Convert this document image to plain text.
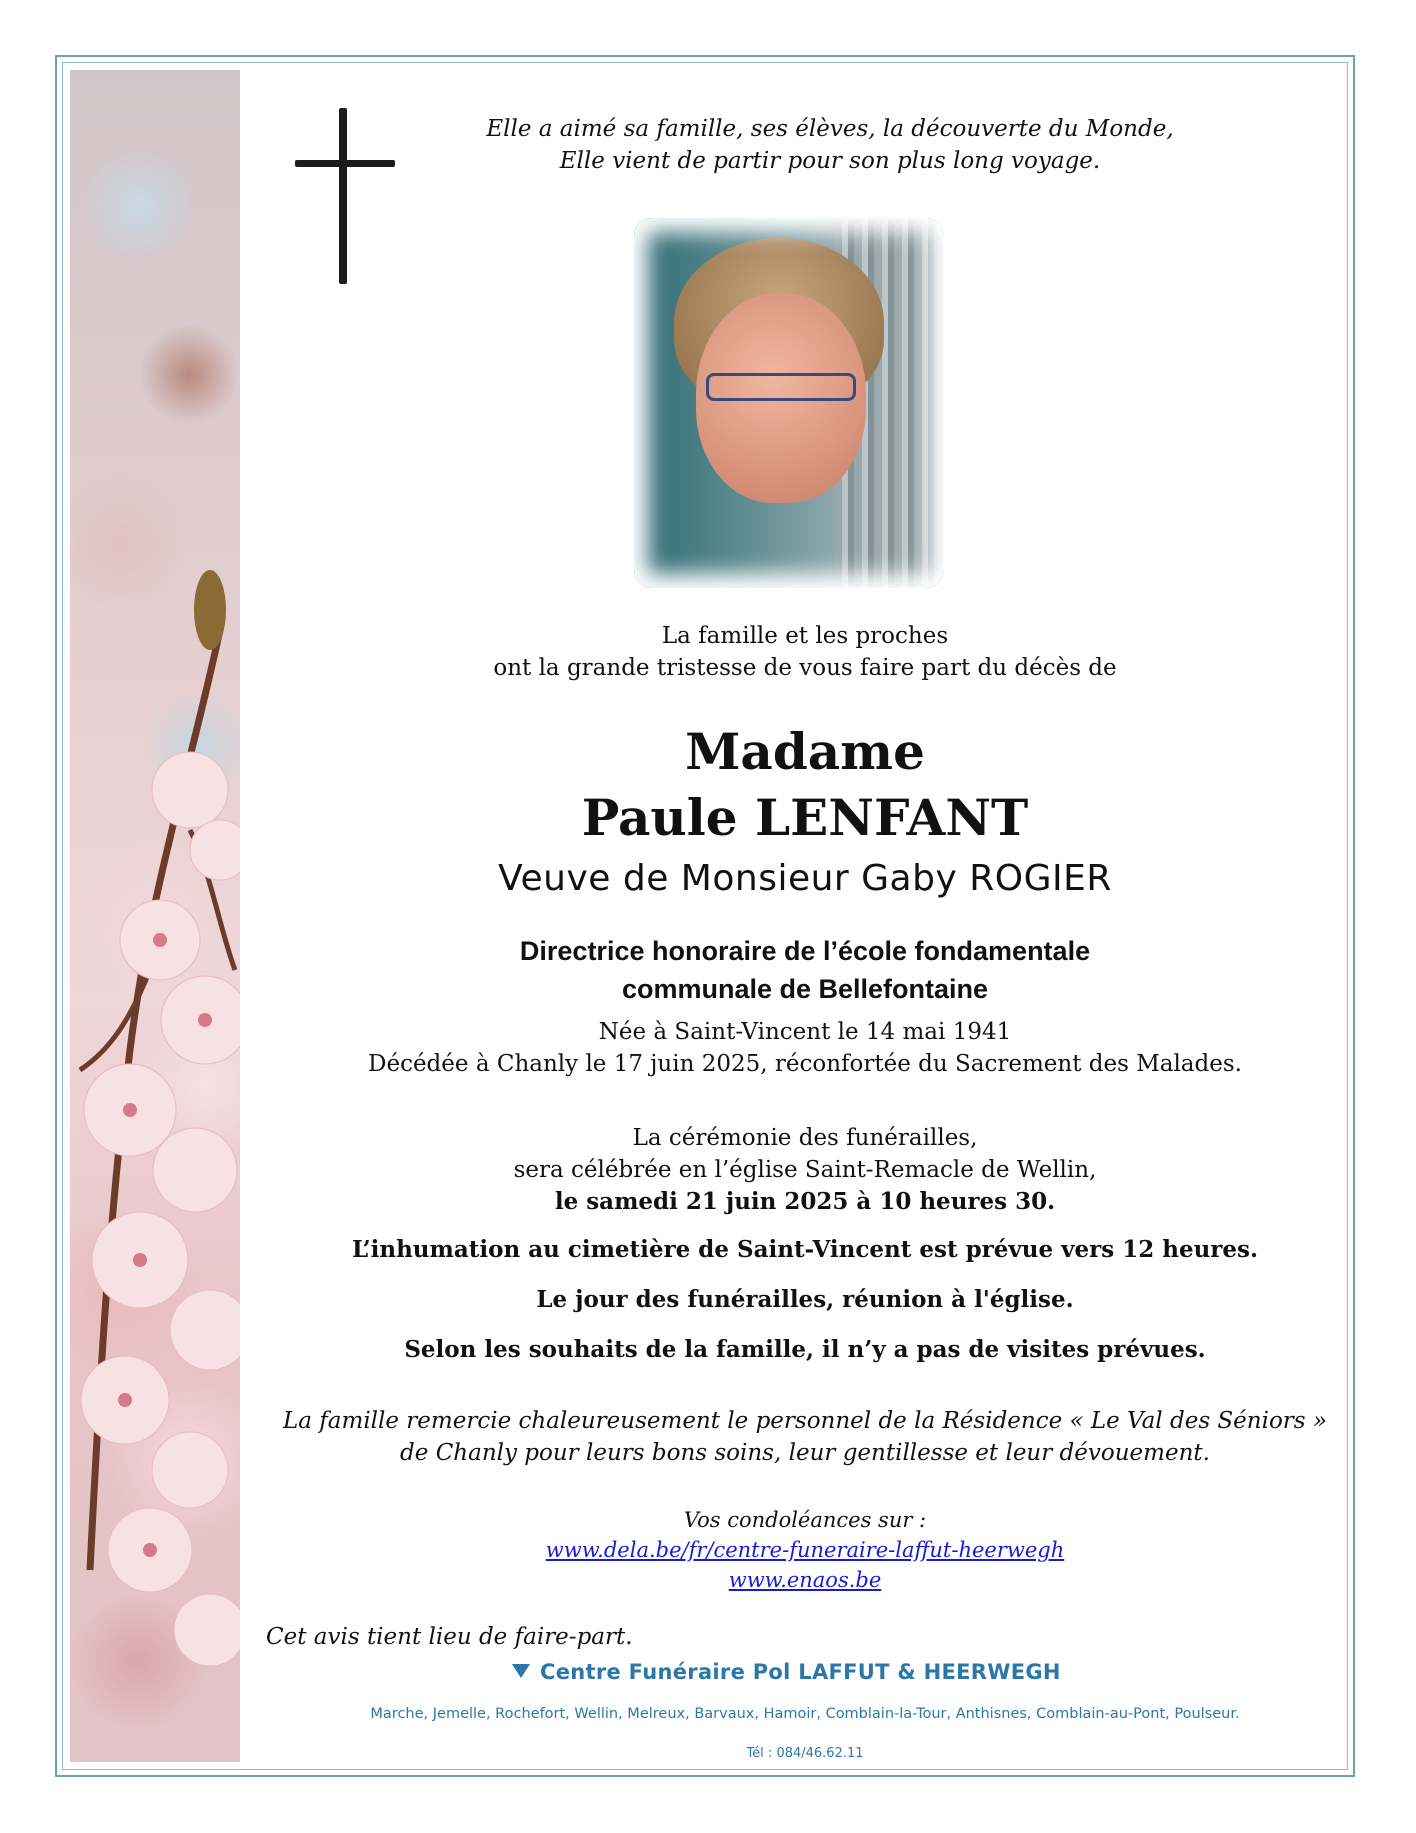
Elle a aimé sa famille, ses élèves, la découverte du Monde,
Elle vient de partir pour son plus long voyage.
La famille et les proches
ont la grande tristesse de vous faire part du décès de
Madame
Paule LENFANT
Veuve de Monsieur Gaby ROGIER
Directrice honoraire de l’école fondamentale
communale de Bellefontaine
Née à Saint-Vincent le 14 mai 1941
Décédée à Chanly le 17 juin 2025, réconfortée du Sacrement des Malades.
La cérémonie des funérailles,
sera célébrée en l’église Saint-Remacle de Wellin,
le samedi 21 juin 2025 à 10 heures 30.
L’inhumation au cimetière de Saint-Vincent est prévue vers 12 heures.
Le jour des funérailles, réunion à l'église.
Selon les souhaits de la famille, il n’y a pas de visites prévues.
La famille remercie chaleureusement le personnel de la Résidence « Le Val des Séniors »
de Chanly pour leurs bons soins, leur gentillesse et leur dévouement.
Vos condoléances sur :
www.dela.be/fr/centre-funeraire-laffut-heerwegh
www.enaos.be
Cet avis tient lieu de faire-part.
Centre Funéraire Pol LAFFUT & HEERWEGH
Marche, Jemelle, Rochefort, Wellin, Melreux, Barvaux, Hamoir, Comblain-la-Tour, Anthisnes, Comblain-au-Pont, Poulseur.
Tél : 084/46.62.11
